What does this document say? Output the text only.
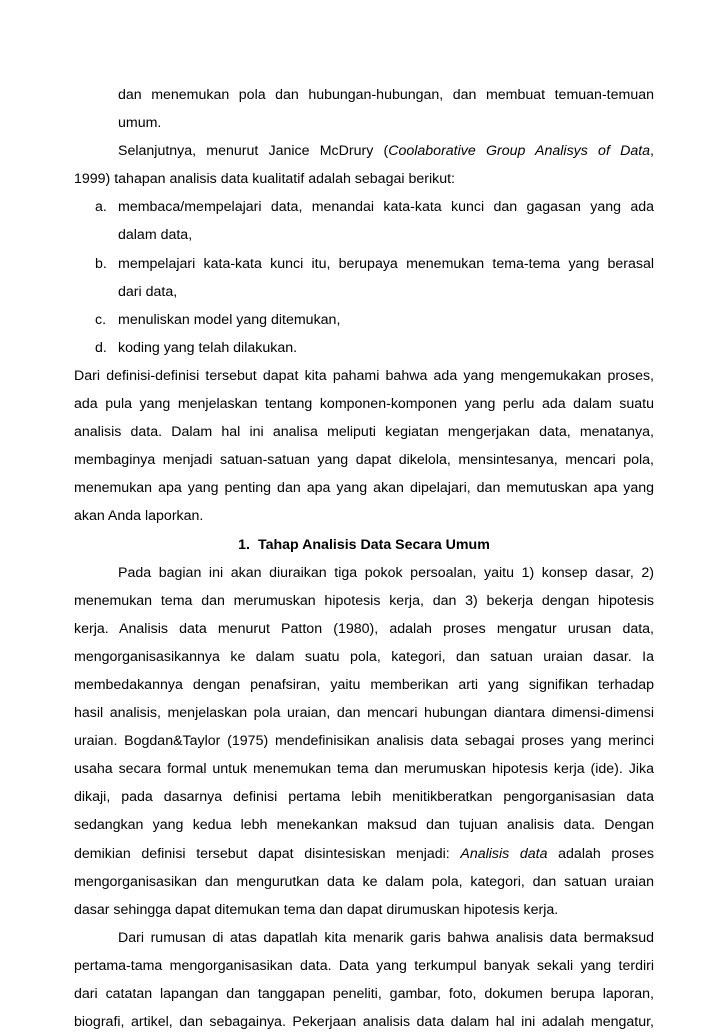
dan menemukan pola dan hubungan-hubungan, dan membuat temuan-temuan
umum.
Selanjutnya, menurut Janice McDrury (Coolaborative Group Analisys of Data,
1999) tahapan analisis data kualitatif adalah sebagai berikut:
a. membaca/mempelajari data, menandai kata-kata kunci dan gagasan yang ada
dalam data,
b. mempelajari kata-kata kunci itu, berupaya menemukan tema-tema yang berasal
dari data,
c. menuliskan model yang ditemukan,
d. koding yang telah dilakukan.
Dari definisi-definisi tersebut dapat kita pahami bahwa ada yang mengemukakan proses,
ada pula yang menjelaskan tentang komponen-komponen yang perlu ada dalam suatu
analisis data. Dalam hal ini analisa meliputi kegiatan mengerjakan data, menatanya,
membaginya menjadi satuan-satuan yang dapat dikelola, mensintesanya, mencari pola,
menemukan apa yang penting dan apa yang akan dipelajari, dan memutuskan apa yang
akan Anda laporkan.
1. Tahap Analisis Data Secara Umum
Pada bagian ini akan diuraikan tiga pokok persoalan, yaitu 1) konsep dasar, 2)
menemukan tema dan merumuskan hipotesis kerja, dan 3) bekerja dengan hipotesis
kerja. Analisis data menurut Patton (1980), adalah proses mengatur urusan data,
mengorganisasikannya ke dalam suatu pola, kategori, dan satuan uraian dasar. Ia
membedakannya dengan penafsiran, yaitu memberikan arti yang signifikan terhadap
hasil analisis, menjelaskan pola uraian, dan mencari hubungan diantara dimensi-dimensi
uraian. Bogdan&Taylor (1975) mendefinisikan analisis data sebagai proses yang merinci
usaha secara formal untuk menemukan tema dan merumuskan hipotesis kerja (ide). Jika
dikaji, pada dasarnya definisi pertama lebih menitikberatkan pengorganisasian data
sedangkan yang kedua lebh menekankan maksud dan tujuan analisis data. Dengan
demikian definisi tersebut dapat disintesiskan menjadi: Analisis data adalah proses
mengorganisasikan dan mengurutkan data ke dalam pola, kategori, dan satuan uraian
dasar sehingga dapat ditemukan tema dan dapat dirumuskan hipotesis kerja.
Dari rumusan di atas dapatlah kita menarik garis bahwa analisis data bermaksud
pertama-tama mengorganisasikan data. Data yang terkumpul banyak sekali yang terdiri
dari catatan lapangan dan tanggapan peneliti, gambar, foto, dokumen berupa laporan,
biografi, artikel, dan sebagainya. Pekerjaan analisis data dalam hal ini adalah mengatur,
